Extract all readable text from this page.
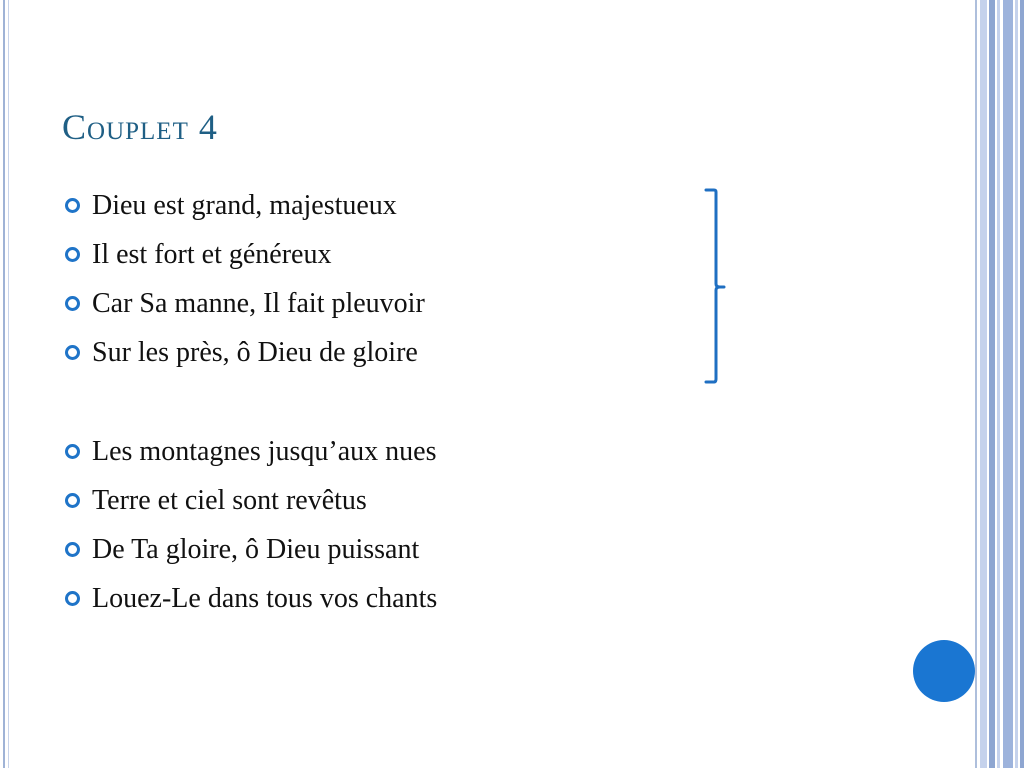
Couplet 4
Dieu est grand, majestueux
Il est fort et généreux
Car Sa manne, Il fait pleuvoir
Sur les près, ô Dieu de gloire
Les montagnes jusqu’aux nues
Terre et ciel sont revêtus
De Ta gloire, ô Dieu puissant
Louez-Le dans tous vos chants
